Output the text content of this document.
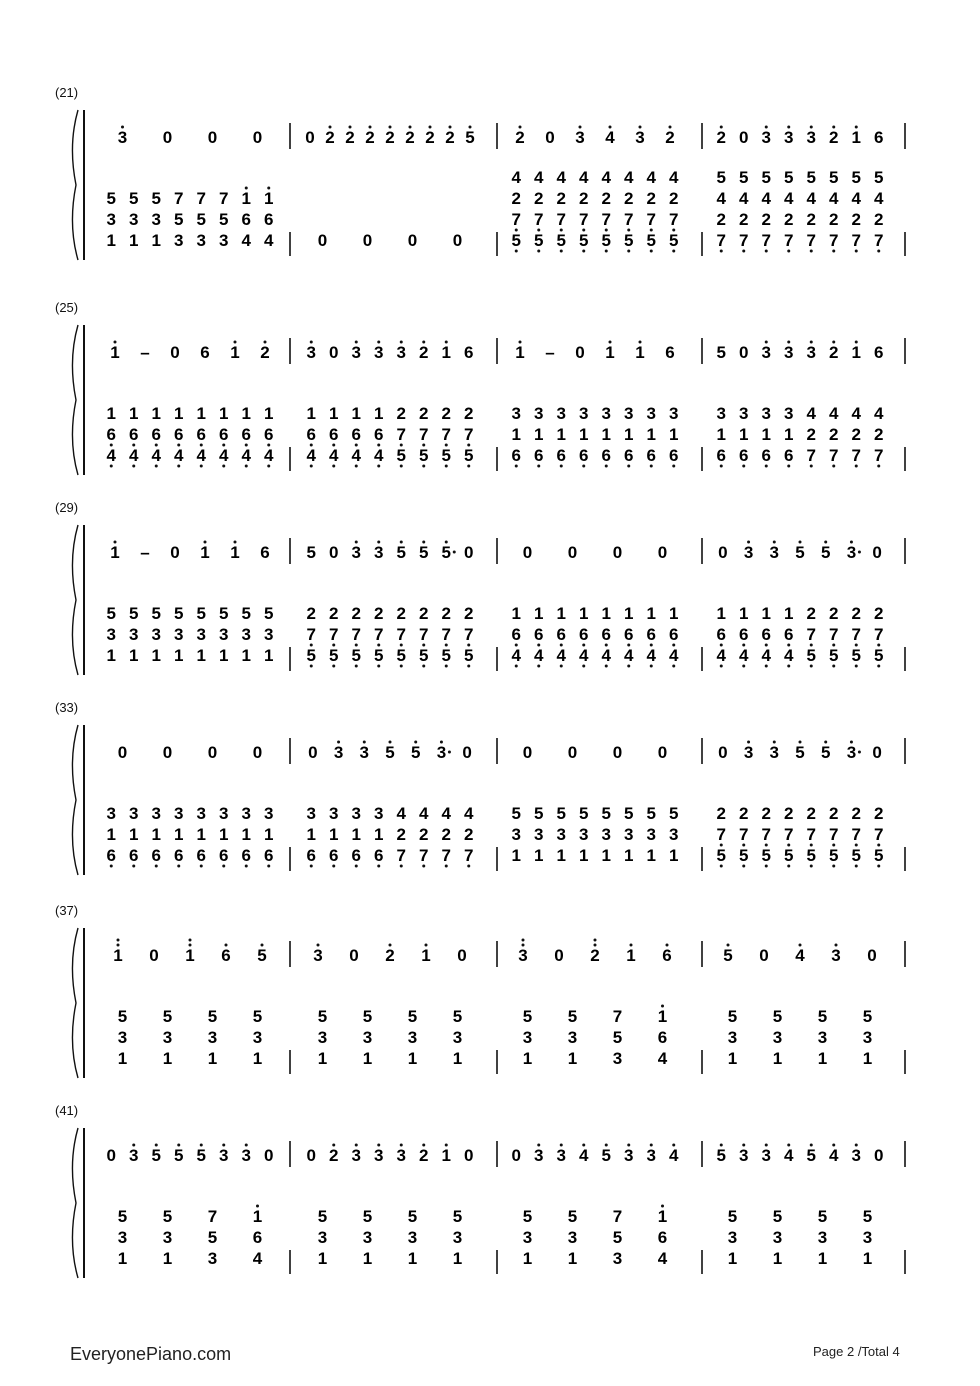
(21)
(25)
(29)
(33)
(37)
(41)
3 0 0 0
5 5 5 7 7 7 1 1
3 3 3 5 5 5 6 6
1 1 1 3 3 3 4 4
0 2 2 2 2 2 2 2 5
0 0 0 0
2 0 3 4 3 2
4 4 4 4 4 4 4 4
2 2 2 2 2 2 2 2
7 7 7 7 7 7 7 7
5 5 5 5 5 5 5 5
2 0 3 3 3 2 1 6
5 5 5 5 5 5 5 5
4 4 4 4 4 4 4 4
2 2 2 2 2 2 2 2
7 7 7 7 7 7 7 7
1 – 0 6 1 2
1 1 1 1 1 1 1 1
6 6 6 6 6 6 6 6
4 4 4 4 4 4 4 4
3 0 3 3 3 2 1 6
1 1 1 1 2 2 2 2
6 6 6 6 7 7 7 7
4 4 4 4 5 5 5 5
1 – 0 1 1 6
3 3 3 3 3 3 3 3
1 1 1 1 1 1 1 1
6 6 6 6 6 6 6 6
5 0 3 3 3 2 1 6
3 3 3 3 4 4 4 4
1 1 1 1 2 2 2 2
6 6 6 6 7 7 7 7
1 – 0 1 1 6
5 5 5 5 5 5 5 5
3 3 3 3 3 3 3 3
1 1 1 1 1 1 1 1
5 0 3 3 5 5 5 0
2 2 2 2 2 2 2 2
7 7 7 7 7 7 7 7
5 5 5 5 5 5 5 5
0 0 0 0
1 1 1 1 1 1 1 1
6 6 6 6 6 6 6 6
4 4 4 4 4 4 4 4
0 3 3 5 5 3 0
1 1 1 1 2 2 2 2
6 6 6 6 7 7 7 7
4 4 4 4 5 5 5 5
0 0 0 0
3 3 3 3 3 3 3 3
1 1 1 1 1 1 1 1
6 6 6 6 6 6 6 6
0 3 3 5 5 3 0
3 3 3 3 4 4 4 4
1 1 1 1 2 2 2 2
6 6 6 6 7 7 7 7
0 0 0 0
5 5 5 5 5 5 5 5
3 3 3 3 3 3 3 3
1 1 1 1 1 1 1 1
0 3 3 5 5 3 0
2 2 2 2 2 2 2 2
7 7 7 7 7 7 7 7
5 5 5 5 5 5 5 5
1 0 1 6 5
5 5 5 5
3 3 3 3
1 1 1 1
3 0 2 1 0
5 5 5 5
3 3 3 3
1 1 1 1
3 0 2 1 6
5 5 7 1
3 3 5 6
1 1 3 4
5 0 4 3 0
5 5 5 5
3 3 3 3
1 1 1 1
0 3 5 5 5 3 3 0
5 5 7 1
3 3 5 6
1 1 3 4
0 2 3 3 3 2 1 0
5 5 5 5
3 3 3 3
1 1 1 1
0 3 3 4 5 3 3 4
5 5 7 1
3 3 5 6
1 1 3 4
5 3 3 4 5 4 3 0
5 5 5 5
3 3 3 3
1 1 1 1
EveryonePiano.com	Page 2 /Total 4
